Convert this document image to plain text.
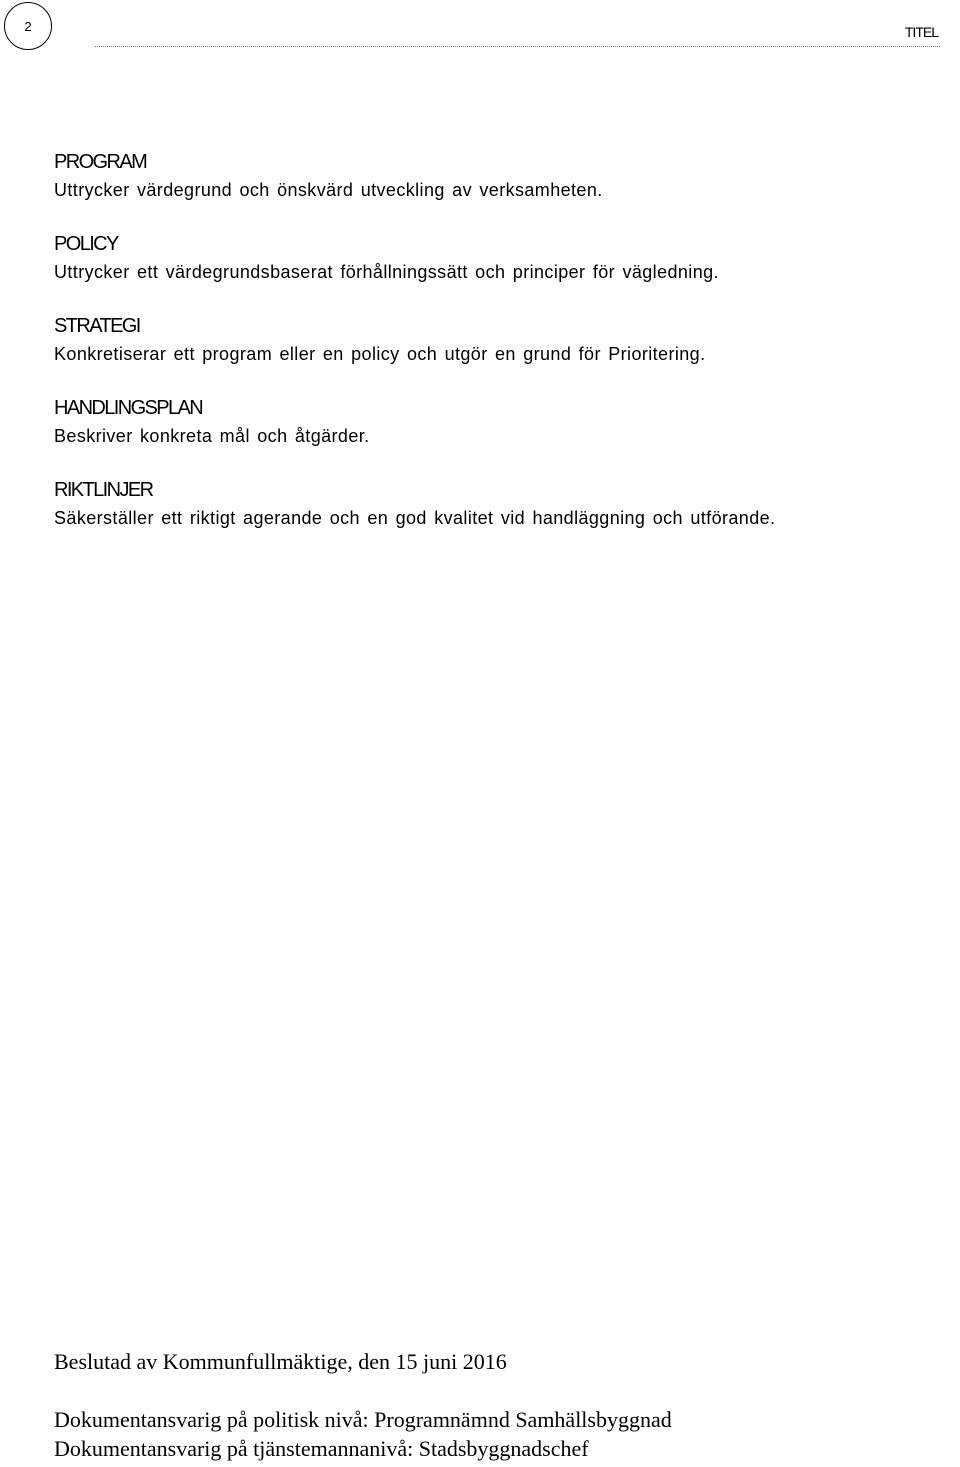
2	TITEL

PROGRAM

Uttrycker värdegrund och önskvärd utveckling av verksamheten.

POLICY

Uttrycker ett värdegrundsbaserat förhållningssätt och principer för vägledning.

STRATEGI

Konkretiserar ett program eller en policy och utgör en grund för Prioritering.

HANDLINGSPLAN

Beskriver konkreta mål och åtgärder.

RIKTLINJER

Säkerställer ett riktigt agerande och en god kvalitet vid handläggning och utförande.

Beslutad av Kommunfullmäktige, den 15 juni 2016

Dokumentansvarig på politisk nivå: Programnämnd Samhällsbyggnad

Dokumentansvarig på tjänstemannanivå: Stadsbyggnadschef
